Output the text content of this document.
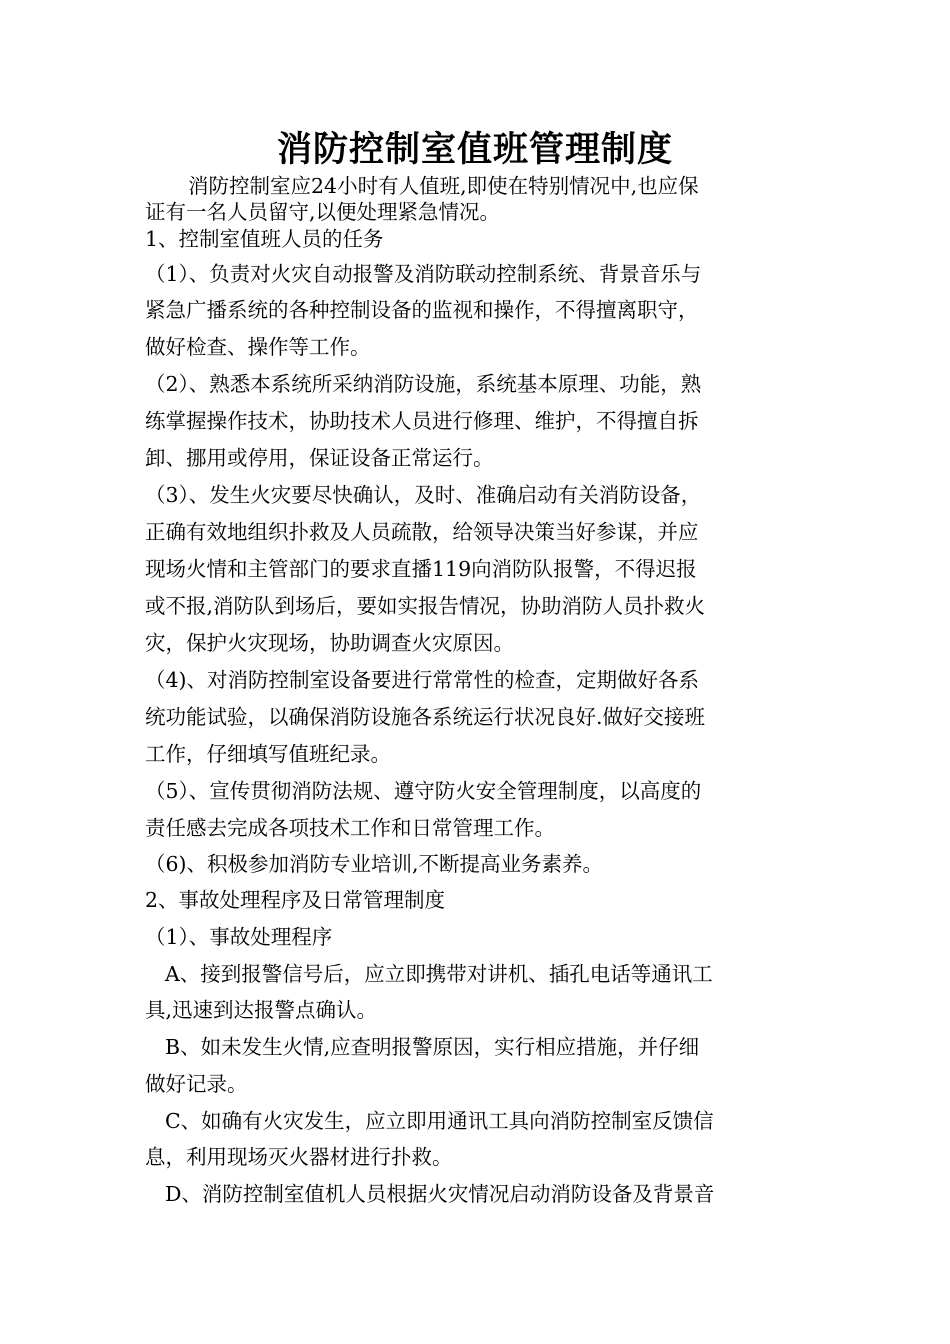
消防控制室值班管理制度
消防控制室应24小时有人值班,即使在特别情况中,也应保
证有一名人员留守,以便处理紧急情况。
1、控制室值班人员的任务
（1）、负责对火灾自动报警及消防联动控制系统、背景音乐与
紧急广播系统的各种控制设备的监视和操作，不得擅离职守，
做好检查、操作等工作。
（2）、熟悉本系统所采纳消防设施，系统基本原理、功能，熟
练掌握操作技术，协助技术人员进行修理、维护，不得擅自拆
卸、挪用或停用，保证设备正常运行。
（3）、发生火灾要尽快确认，及时、准确启动有关消防设备，
正确有效地组织扑救及人员疏散，给领导决策当好参谋，并应
现场火情和主管部门的要求直播119向消防队报警，不得迟报
或不报,消防队到场后，要如实报告情况，协助消防人员扑救火
灾，保护火灾现场，协助调查火灾原因。
（4)、对消防控制室设备要进行常常性的检查，定期做好各系
统功能试验，以确保消防设施各系统运行状况良好.做好交接班
工作，仔细填写值班纪录。
（5）、宣传贯彻消防法规、遵守防火安全管理制度，以高度的
责任感去完成各项技术工作和日常管理工作。
（6)、积极参加消防专业培训,不断提高业务素养。
2、事故处理程序及日常管理制度
（1）、事故处理程序
A、接到报警信号后，应立即携带对讲机、插孔电话等通讯工
具,迅速到达报警点确认。
B、如未发生火情,应查明报警原因，实行相应措施，并仔细
做好记录。
C、如确有火灾发生，应立即用通讯工具向消防控制室反馈信
息，利用现场灭火器材进行扑救。
D、消防控制室值机人员根据火灾情况启动消防设备及背景音
